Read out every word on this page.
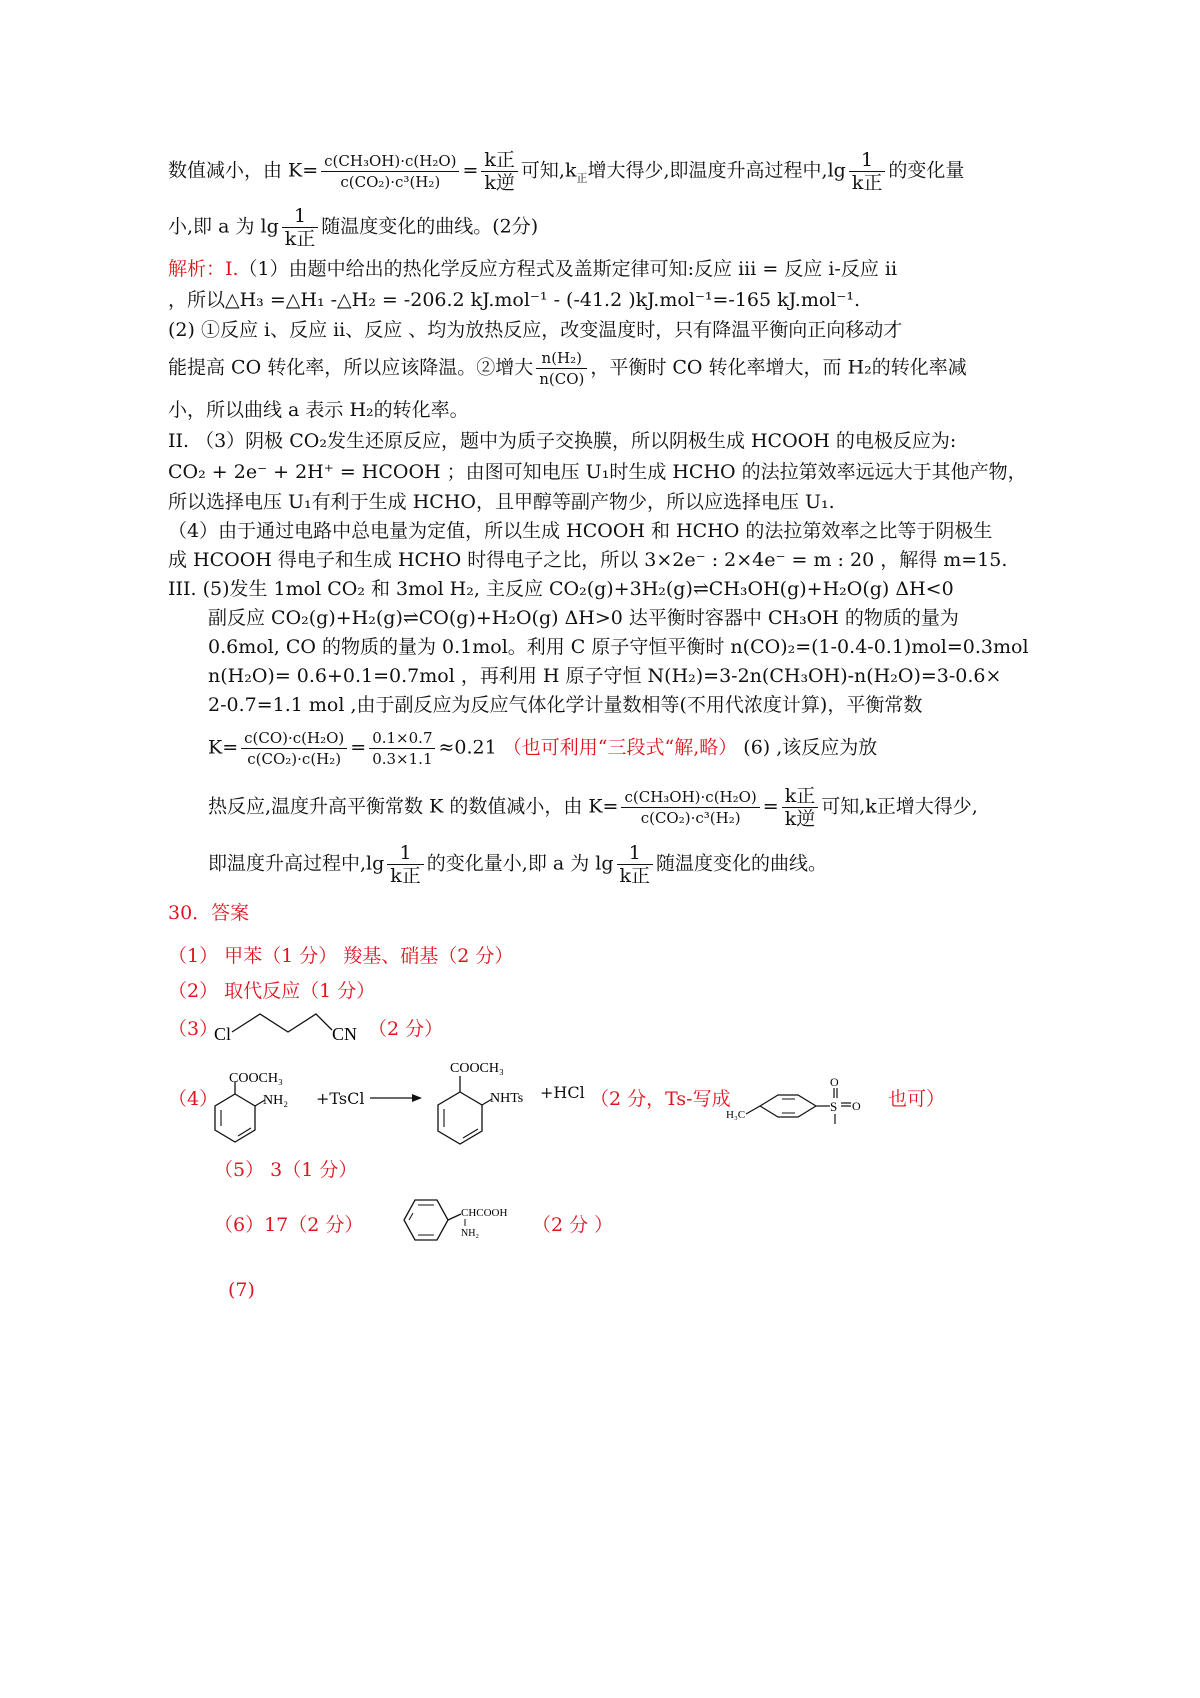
数值减小，由 $K= \frac{\text{c(CH₃OH)·c(H₂O)}}{\text{c(CO₂)·c³(H₂)}} = \frac{\text{k正}}{\text{k逆}}$ 可知$,k_正$增大得少,即温度升高过程中$,\lg \frac{1}{\text{k正}}$ 的变化量
小,即 a 为 $\lg \frac{1}{\text{k正}}$ 随温度变化的曲线。(2分)
解析：I.（1）由题中给出的热化学反应方程式及盖斯定律可知:反应 iii = 反应 i-反应 ii
，所以△H₃ =△H₁ -△H₂ = -206.2 kJ.mol⁻¹ - (-41.2 )kJ.mol⁻¹=-165 kJ.mol⁻¹.
(2) ①反应 i、反应 ii、反应 、均为放热反应，改变温度时，只有降温平衡向正向移动才
能提高 CO 转化率，所以应该降温。②增大 $\frac{\text{n(H₂)}}{n(CO)}$ ，平衡时 CO 转化率增大，而 H₂的转化率减
小，所以曲线 a 表示 H₂的转化率。
II. （3）阴极 CO₂发生还原反应，题中为质子交换膜，所以阴极生成 HCOOH 的电极反应为:
CO₂ + 2e⁻ + 2H⁺ = HCOOH ；由图可知电压 U₁时生成 HCHO 的法拉第效率远远大于其他产物，
所以选择电压 U₁有利于生成 HCHO，且甲醇等副产物少，所以应选择电压 U₁.
（4）由于通过电路中总电量为定值，所以生成 HCOOH 和 HCHO 的法拉第效率之比等于阴极生
成 HCOOH 得电子和生成 HCHO 时得电子之比，所以 3×2e⁻ : 2×4e⁻ = m : 20 ，解得 m=15.
III. (5)发生 1mol CO₂ 和 3mol H₂, 主反应 CO₂(g)+3H₂(g)⇌CH₃OH(g)+H₂O(g) ΔH<0
副反应 CO₂(g)+H₂(g)⇌CO(g)+H₂O(g) ΔH>0 达平衡时容器中 CH₃OH 的物质的量为
0.6mol, CO 的物质的量为 0.1mol。利用 C 原子守恒平衡时 n(CO)₂=(1-0.4-0.1)mol=0.3mol
n(H₂O)= 0.6+0.1=0.7mol ，再利用 H 原子守恒 N(H₂)=3-2n(CH₃OH)-n(H₂O)=3-0.6×
2-0.7=1.1 mol ,由于副反应为反应气体化学计量数相等(不用代浓度计算)，平衡常数
$K= \frac{\text{c(CO)·c(H₂O)}}{\text{c(CO₂)·c(H₂)}} = \frac{0.1\times 0.7}{0.3\times 1.1} \approx 0.21$ （也可利用“三段式“解,略） (6) ,该反应为放
热反应,温度升高平衡常数 K 的数值减小，由 $K= \frac{\text{c(CH₃OH)·c(H₂O)}}{\text{c(CO₂)·c³(H₂)}} = \frac{\text{k正}}{\text{k逆}}$ 可知,k正增大得少,
即温度升高过程中$,\lg \frac{1}{\text{k正}}$ 的变化量小,即 a 为 $\lg \frac{1}{\text{k正}}$ 随温度变化的曲线。
30．答案
（1） 甲苯（1 分） 羧基、硝基（2 分）
（2） 取代反应（1 分）
（3）
Cl	CN （2 分）
（4）
COOCH₃
NH₂ +TsCl →
COOCH₃
NHTs +HCl （2 分，Ts-写成
H₃C
S
O
O 也可）
（5） 3（1 分）
（6）17（2 分）
CHCOOH
NH₂	（2 分 ）
(7)
